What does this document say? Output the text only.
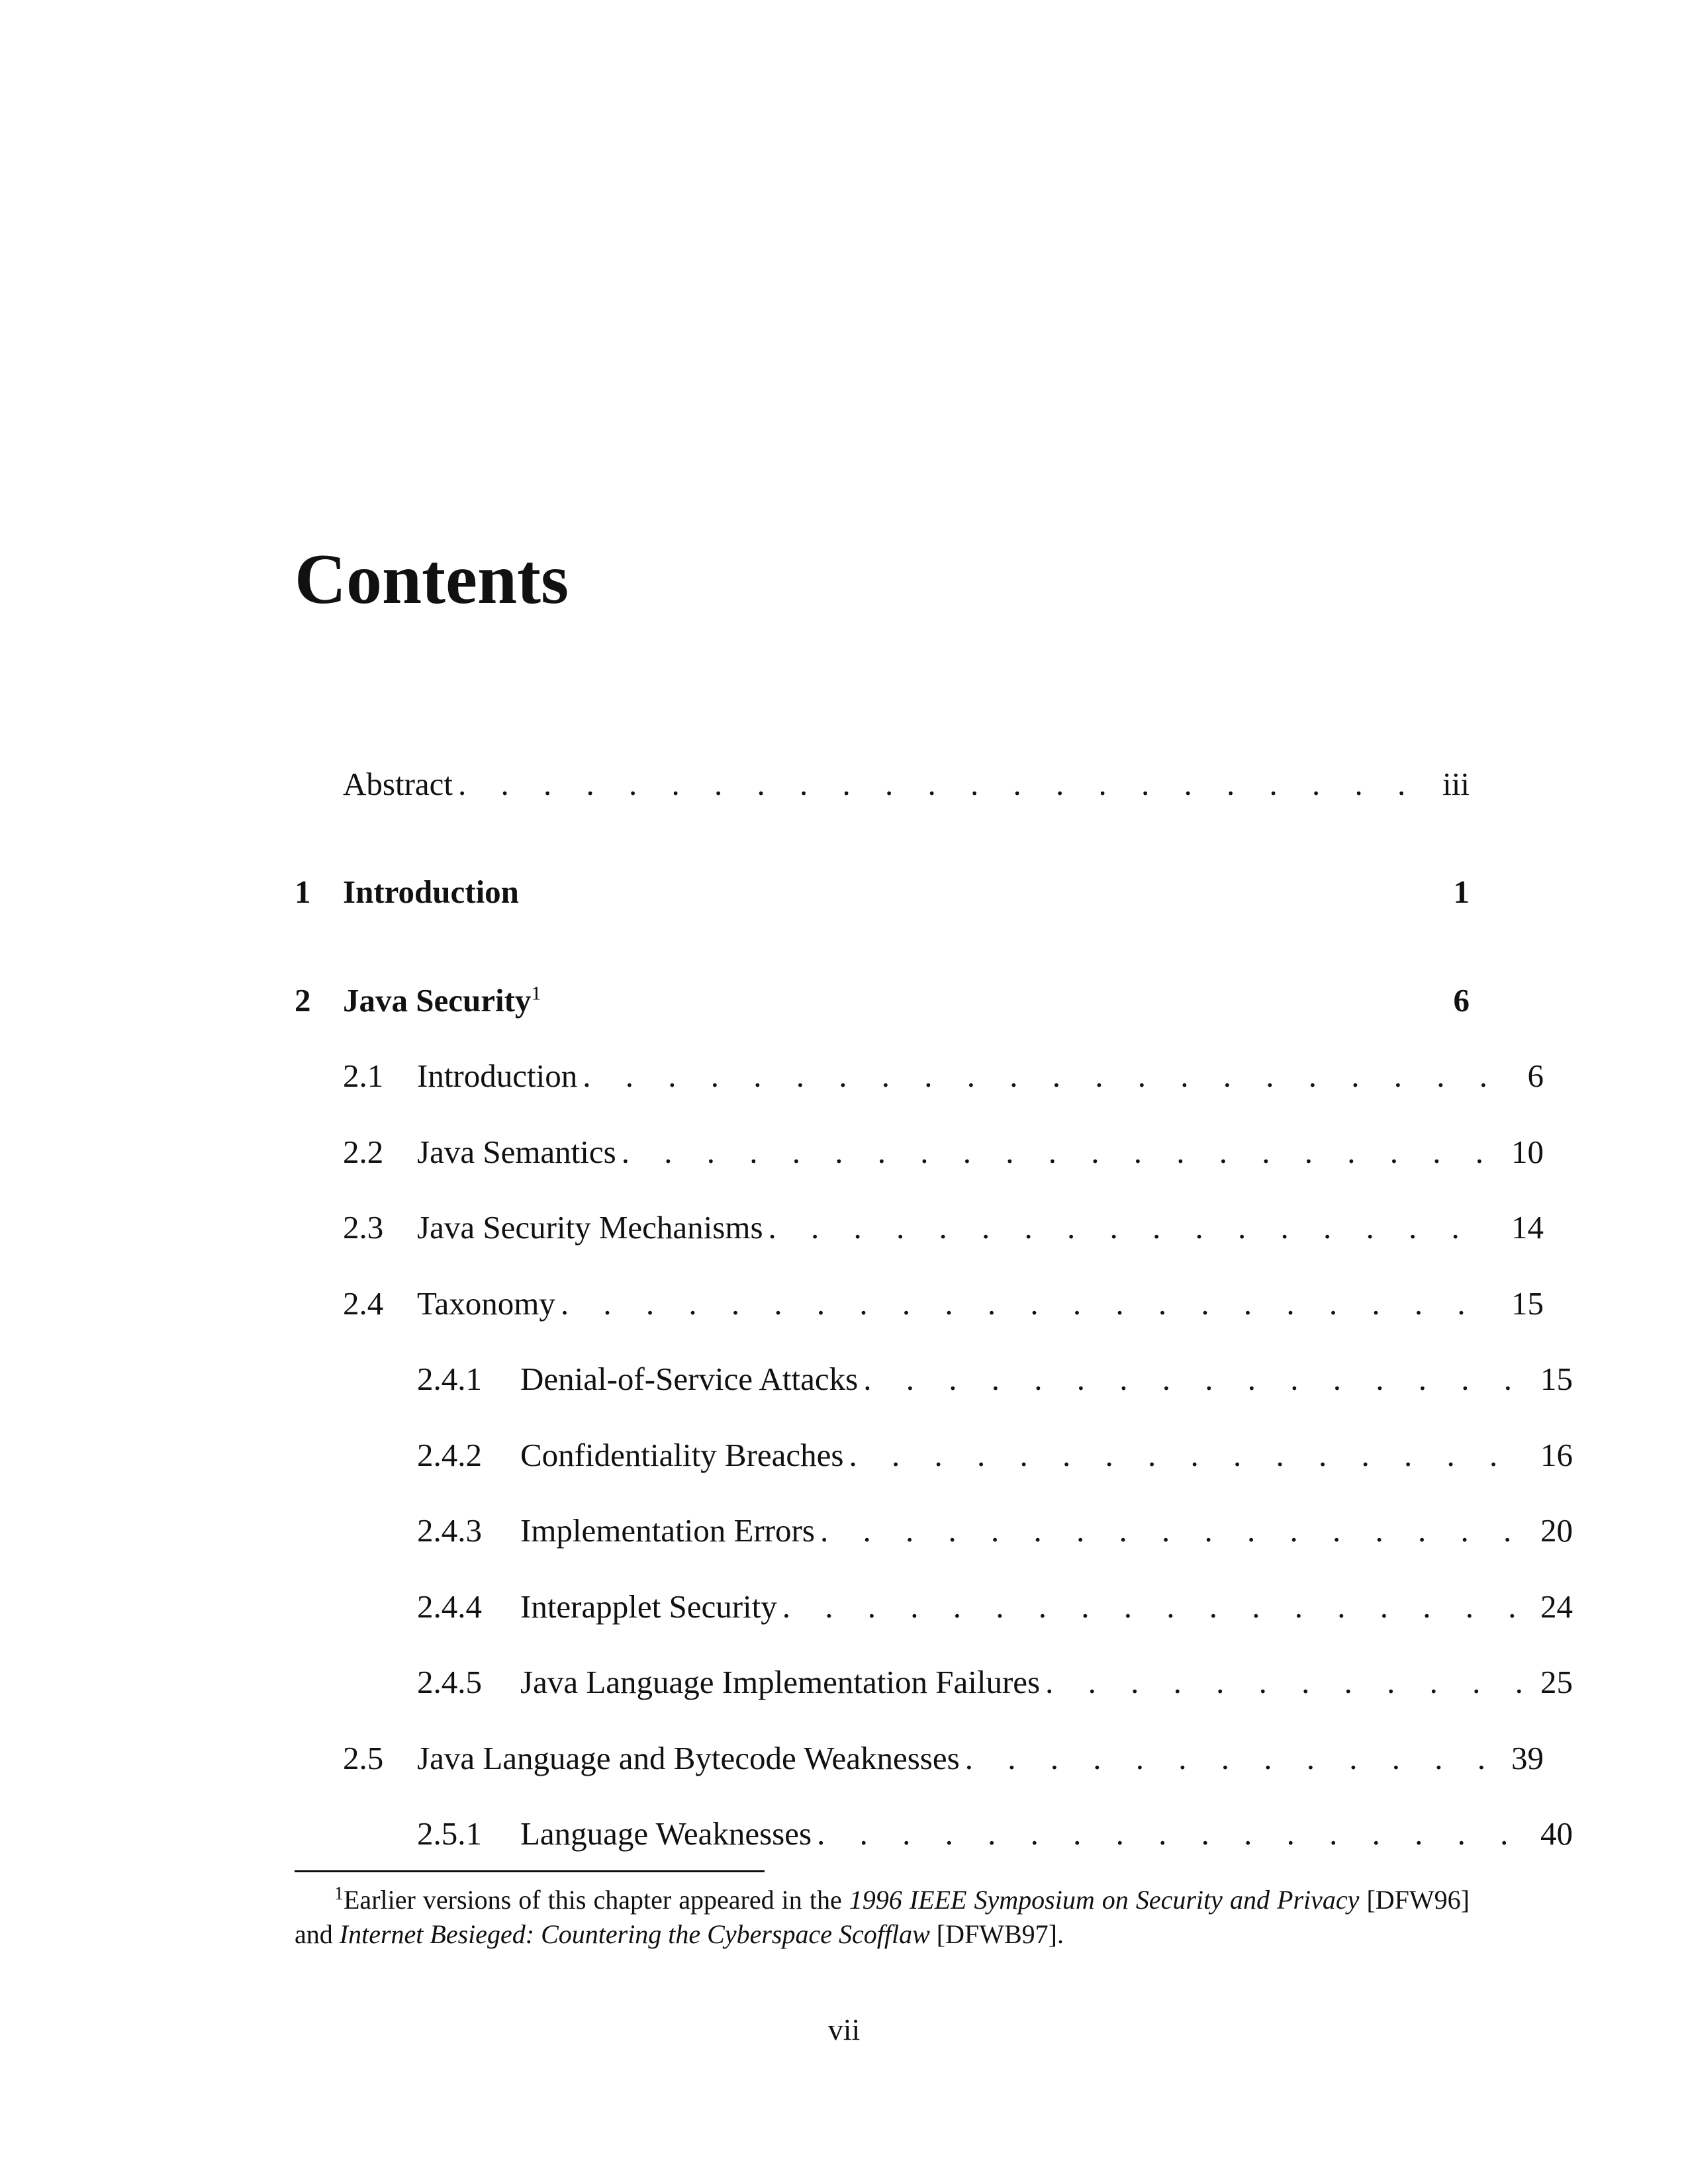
Contents
Abstract . . .	iii
1 Introduction	1
2 Java Security$^1$	6
2.1 Introduction . . .	6
2.2 Java Semantics . . .	10
2.3 Java Security Mechanisms . . .	14
2.4 Taxonomy . . .	15
2.4.1 Denial-of-Service Attacks . . .	15
2.4.2 Confidentiality Breaches . . .	16
2.4.3 Implementation Errors . . .	20
2.4.4 Interapplet Security . . .	24
2.4.5 Java Language Implementation Failures . . .	25
2.5 Java Language and Bytecode Weaknesses . . .	39
2.5.1 Language Weaknesses . . .	40
$^1$Earlier versions of this chapter appeared in the 1996 IEEE Symposium on Security and Privacy [DFW96] and Internet Besieged: Countering the Cyberspace Scofflaw [DFWB97].
vii
